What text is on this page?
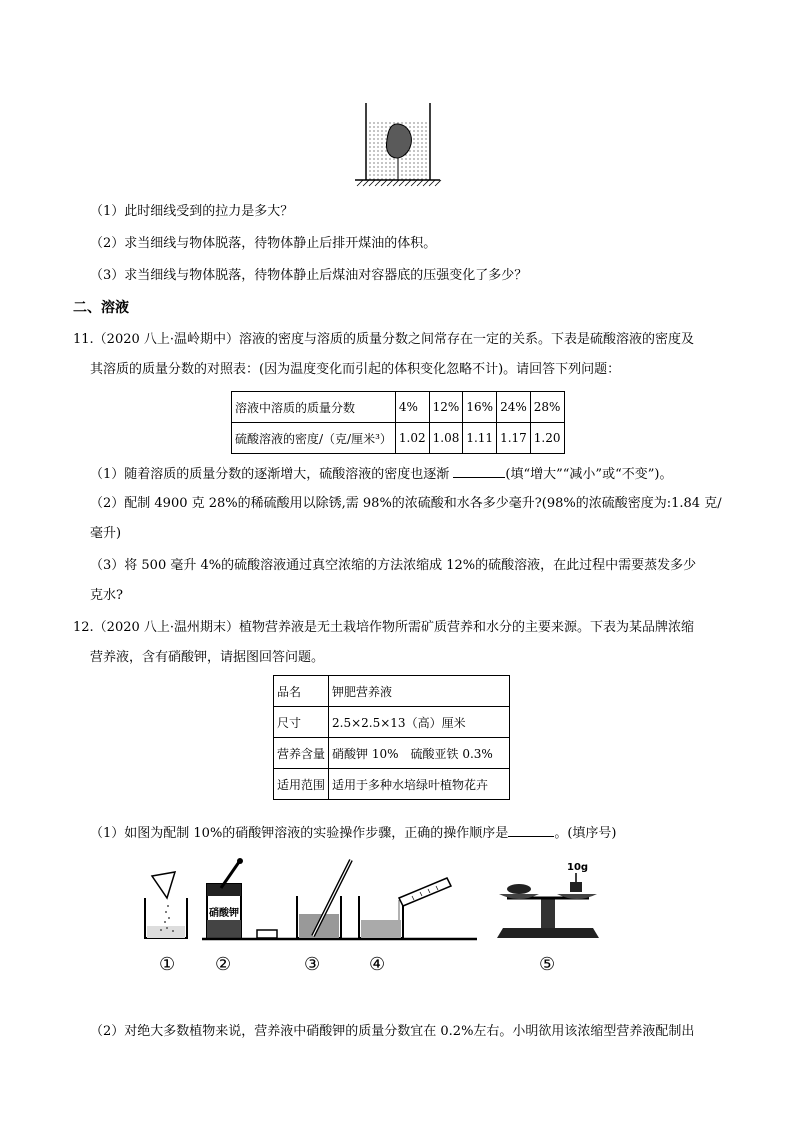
（1）此时细线受到的拉力是多大？
（2）求当细线与物体脱落，待物体静止后排开煤油的体积。
（3）求当细线与物体脱落，待物体静止后煤油对容器底的压强变化了多少？
二、溶液
11.（2020 八上·温岭期中）溶液的密度与溶质的质量分数之间常存在一定的关系。下表是硫酸溶液的密度及
其溶质的质量分数的对照表：(因为温度变化而引起的体积变化忽略不计)。请回答下列问题：
溶液中溶质的质量分数	4%	12%	16%	24%	28%
硫酸溶液的密度/（克/厘米³）	1.02	1.08	1.11	1.17	1.20
（1）随着溶质的质量分数的逐渐增大，硫酸溶液的密度也逐渐	(填“增大”“减小”或“不变”)。
（2）配制 4900 克 28%的稀硫酸用以除锈,需 98%的浓硫酸和水各多少毫升?(98%的浓硫酸密度为:1.84 克/
毫升)
（3）将 500 毫升 4%的硫酸溶液通过真空浓缩的方法浓缩成 12%的硫酸溶液，在此过程中需要蒸发多少
克水?
12.（2020 八上·温州期末）植物营养液是无土栽培作物所需矿质营养和水分的主要来源。下表为某品牌浓缩
营养液，含有硝酸钾，请据图回答问题。
品名	钾肥营养液
尺寸	2.5×2.5×13（高）厘米
营养含量	硝酸钾 10%　硫酸亚铁 0.3%
适用范围	适用于多种水培绿叶植物花卉
（1）如图为配制 10%的硝酸钾溶液的实验操作步骤，正确的操作顺序是	。(填序号)
硝酸钾
10g
① ②	③	④	⑤
（2）对绝大多数植物来说，营养液中硝酸钾的质量分数宜在 0.2%左右。小明欲用该浓缩型营养液配制出
